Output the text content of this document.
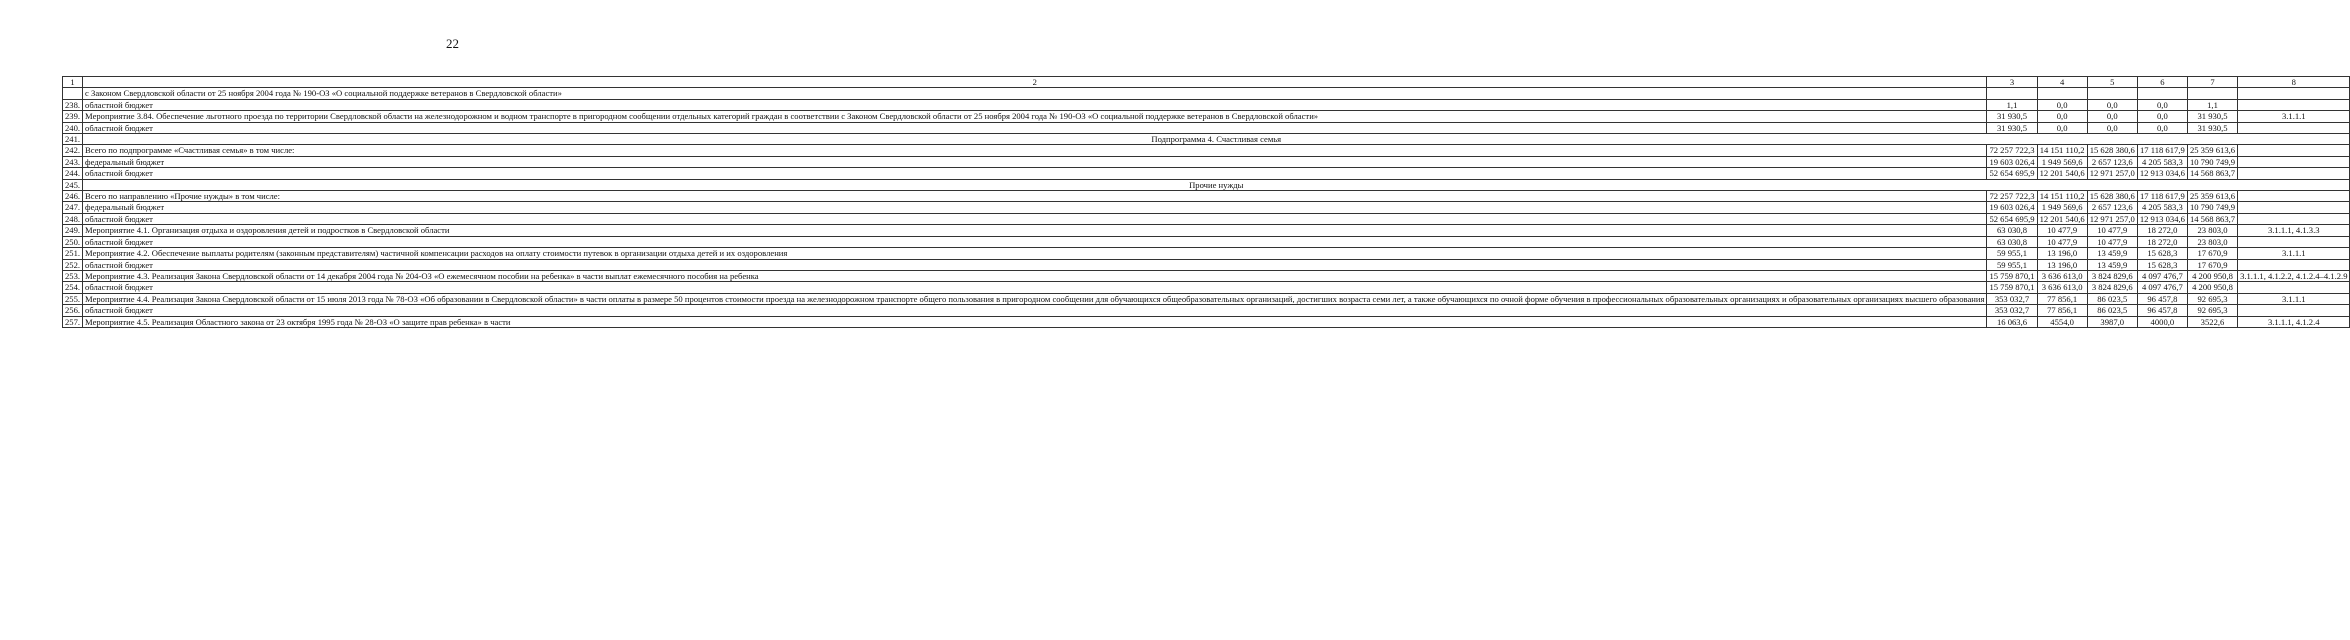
22
1	2	3	4	5	6	7	8
	с Законом Свердловской области от 25 ноября 2004 года № 190-ОЗ «О социальной поддержке ветеранов в Свердловской области»						
238.	областной бюджет	1,1	0,0	0,0	0,0	1,1	
239.	Мероприятие 3.84. Обеспечение льготного проезда по территории Свердловской области на железнодорожном и водном транспорте в пригородном сообщении отдельных категорий граждан в соответствии с Законом Свердловской области от 25 ноября 2004 года № 190-ОЗ «О социальной поддержке ветеранов в Свердловской области»	31 930,5	0,0	0,0	0,0	31 930,5	3.1.1.1
240.	областной бюджет	31 930,5	0,0	0,0	0,0	31 930,5	
241.	Подпрограмма 4. Счастливая семья						
242.	Всего по подпрограмме «Счастливая семья» в том числе:	72 257 722,3	14 151 110,2	15 628 380,6	17 118 617,9	25 359 613,6	
243.	федеральный бюджет	19 603 026,4	1 949 569,6	2 657 123,6	4 205 583,3	10 790 749,9	
244.	областной бюджет	52 654 695,9	12 201 540,6	12 971 257,0	12 913 034,6	14 568 863,7	
245.	Прочие нужды						
246.	Всего по направлению «Прочие нужды» в том числе:	72 257 722,3	14 151 110,2	15 628 380,6	17 118 617,9	25 359 613,6	
247.	федеральный бюджет	19 603 026,4	1 949 569,6	2 657 123,6	4 205 583,3	10 790 749,9	
248.	областной бюджет	52 654 695,9	12 201 540,6	12 971 257,0	12 913 034,6	14 568 863,7	
249.	Мероприятие 4.1. Организация отдыха и оздоровления детей и подростков в Свердловской области	63 030,8	10 477,9	10 477,9	18 272,0	23 803,0	3.1.1.1, 4.1.3.3
250.	областной бюджет	63 030,8	10 477,9	10 477,9	18 272,0	23 803,0	
251.	Мероприятие 4.2. Обеспечение выплаты родителям (законным представителям) частичной компенсации расходов на оплату стоимости путевок в организации отдыха детей и их оздоровления	59 955,1	13 196,0	13 459,9	15 628,3	17 670,9	3.1.1.1
252.	областной бюджет	59 955,1	13 196,0	13 459,9	15 628,3	17 670,9	
253.	Мероприятие 4.3. Реализация Закона Свердловской области от 14 декабря 2004 года № 204-ОЗ «О ежемесячном пособии на ребенка» в части выплат ежемесячного пособия на ребенка	15 759 870,1	3 636 613,0	3 824 829,6	4 097 476,7	4 200 950,8	3.1.1.1, 4.1.2.2, 4.1.2.4–4.1.2.9
254.	областной бюджет	15 759 870,1	3 636 613,0	3 824 829,6	4 097 476,7	4 200 950,8	
255.	Мероприятие 4.4. Реализация Закона Свердловской области от 15 июля 2013 года № 78-ОЗ «Об образовании в Свердловской области» в части оплаты в размере 50 процентов стоимости проезда на железнодорожном транспорте общего пользования в пригородном сообщении для обучающихся общеобразовательных организаций, достигших возраста семи лет, а также обучающихся по очной форме обучения в профессиональных образовательных организациях и образовательных организациях высшего образования	353 032,7	77 856,1	86 023,5	96 457,8	92 695,3	3.1.1.1
256.	областной бюджет	353 032,7	77 856,1	86 023,5	96 457,8	92 695,3	
257.	Мероприятие 4.5. Реализация Областного закона от 23 октября 1995 года № 28-ОЗ «О защите прав ребенка» в части	16 063,6	4554,0	3987,0	4000,0	3522,6	3.1.1.1, 4.1.2.4
